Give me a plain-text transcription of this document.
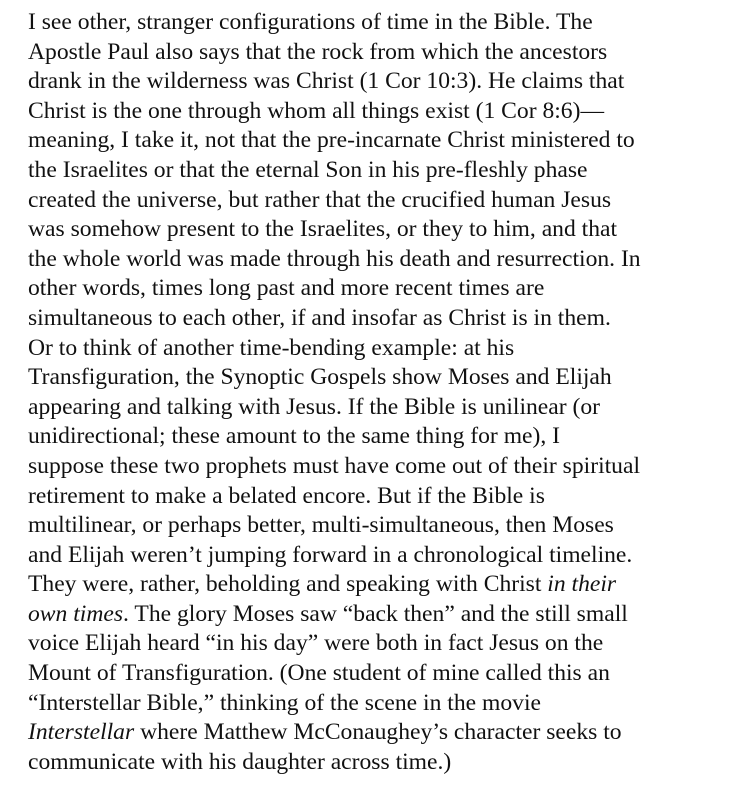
I see other, stranger configurations of time in the Bible. The
Apostle Paul also says that the rock from which the ancestors
drank in the wilderness was Christ (1 Cor 10:3). He claims that
Christ is the one through whom all things exist (1 Cor 8:6)—
meaning, I take it, not that the pre-incarnate Christ ministered to
the Israelites or that the eternal Son in his pre-fleshly phase
created the universe, but rather that the crucified human Jesus
was somehow present to the Israelites, or they to him, and that
the whole world was made through his death and resurrection. In
other words, times long past and more recent times are
simultaneous to each other, if and insofar as Christ is in them.
Or to think of another time-bending example: at his
Transfiguration, the Synoptic Gospels show Moses and Elijah
appearing and talking with Jesus. If the Bible is unilinear (or
unidirectional; these amount to the same thing for me), I
suppose these two prophets must have come out of their spiritual
retirement to make a belated encore. But if the Bible is
multilinear, or perhaps better, multi-simultaneous, then Moses
and Elijah weren’t jumping forward in a chronological timeline.
They were, rather, beholding and speaking with Christ in their
own times. The glory Moses saw “back then” and the still small
voice Elijah heard “in his day” were both in fact Jesus on the
Mount of Transfiguration. (One student of mine called this an
“Interstellar Bible,” thinking of the scene in the movie
Interstellar where Matthew McConaughey’s character seeks to
communicate with his daughter across time.)
